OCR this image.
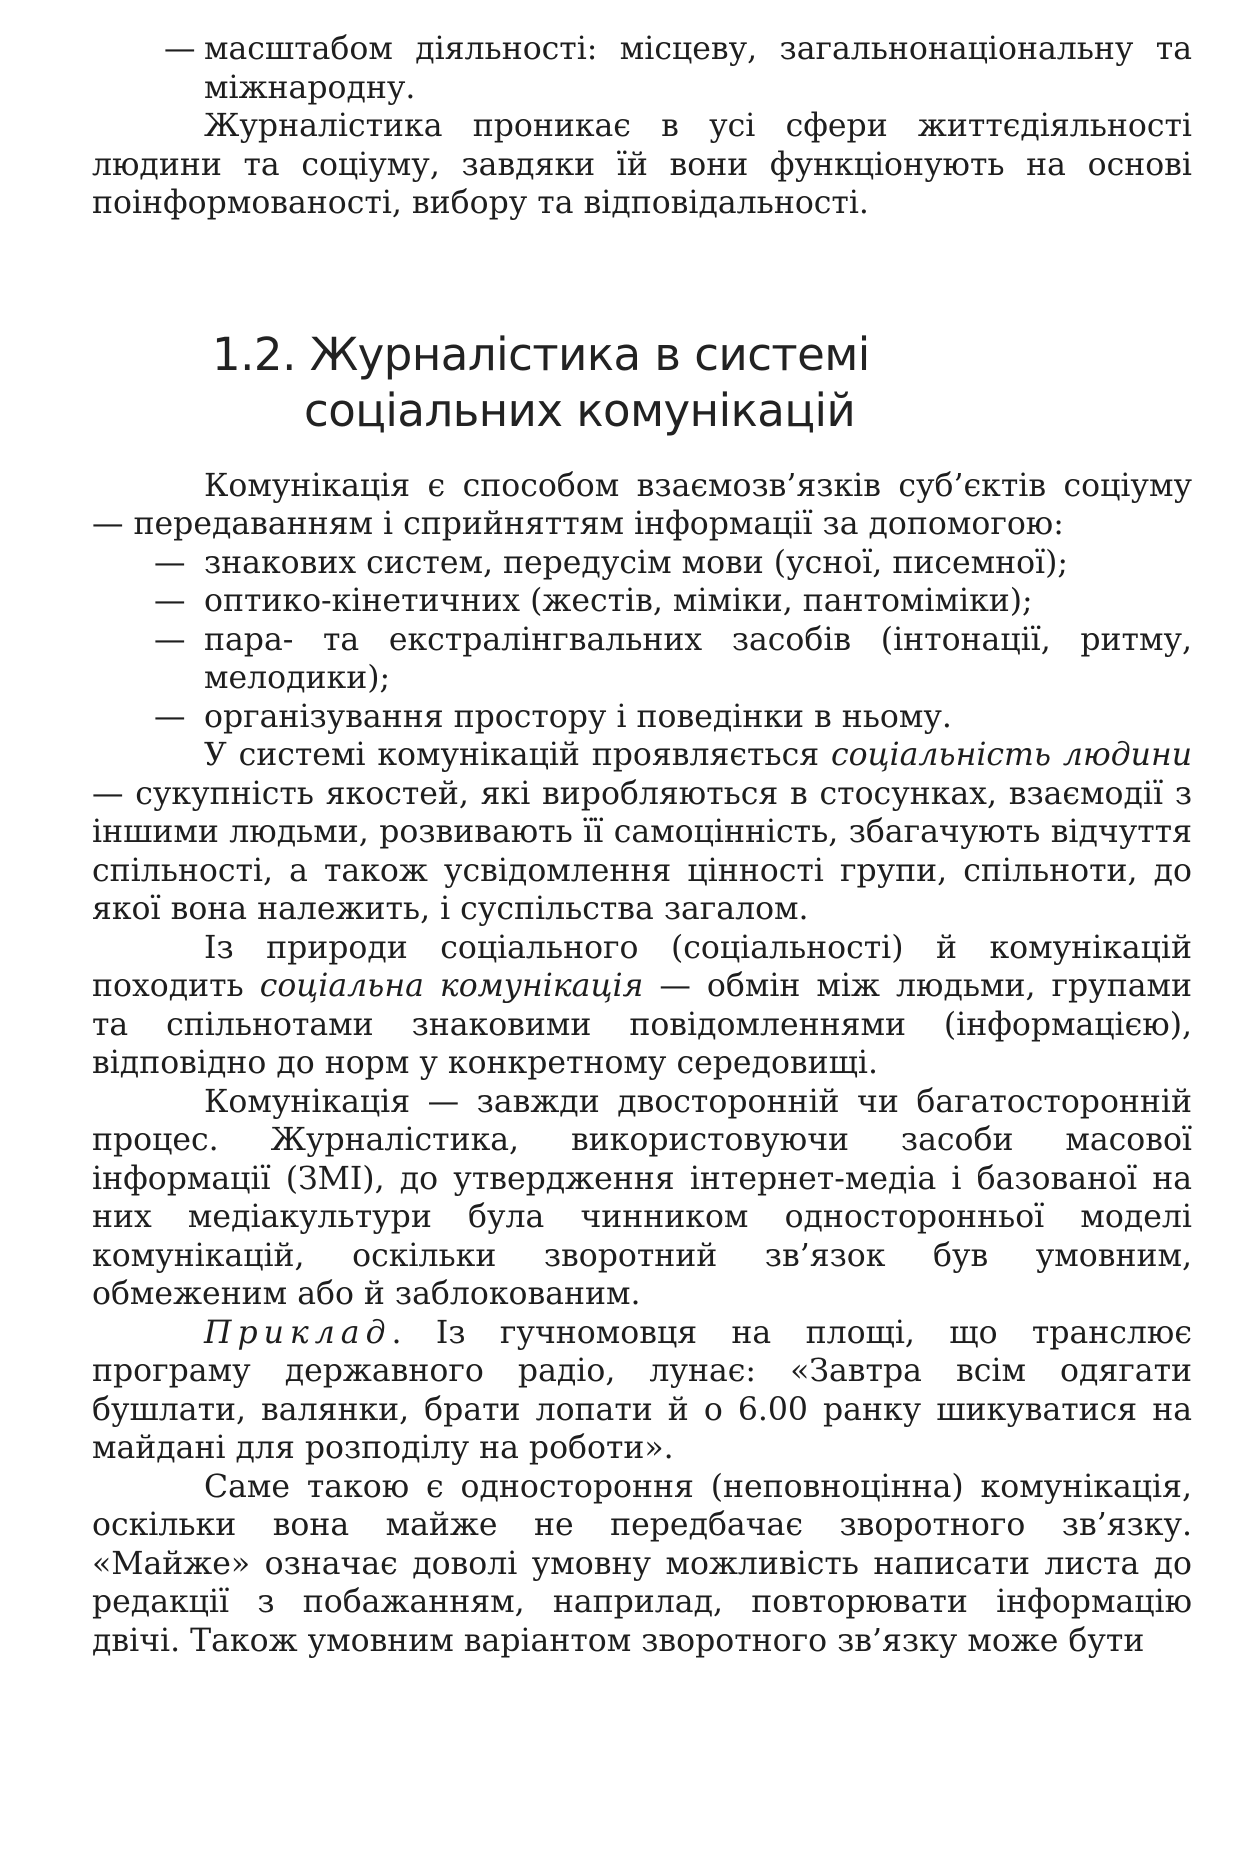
— масштабом діяльності: місцеву, загальнонаціональну та міжнародну.

Журналістика проникає в усі сфери життєдіяльності людини та соціуму, завдяки їй вони функціонують на основі поінформованості, вибору та відповідальності.

1.2. Журналістика в системі
соціальних комунікацій

Комунікація є способом взаємозв’язків суб’єктів соціуму — передаванням і сприйняттям інформації за допомогою:

— знакових систем, передусім мови (усної, писемної);

— оптико-кінетичних (жестів, міміки, пантоміміки);

— пара- та екстралінгвальних засобів (інтонації, ритму, мелодики);

— організування простору і поведінки в ньому.

У системі комунікацій проявляється соціальність людини — сукупність якостей, які виробляються в стосунках, взаємодії з іншими людьми, розвивають її самоцінність, збагачують відчуття спільності, а також усвідомлення цінності групи, спільноти, до якої вона належить, і суспільства загалом.

Із природи соціального (соціальності) й комунікацій походить соціальна комунікація — обмін між людьми, групами та спільнотами знаковими повідомленнями (інформацією), відповідно до норм у конкретному середовищі.

Комунікація — завжди двосторонній чи багатосторонній процес. Журналістика, використовуючи засоби масової інформації (ЗМІ), до утвердження інтернет-медіа і базованої на них медіакультури була чинником односторонньої моделі комунікацій, оскільки зворотний зв’язок був умовним, обмеженим або й заблокованим.

Приклад. Із гучномовця на площі, що транслює програму державного радіо, лунає: «Завтра всім одягати бушлати, валянки, брати лопати й о 6.00 ранку шикуватися на майдані для розподілу на роботи».

Саме такою є одностороння (неповноцінна) комунікація, оскільки вона майже не передбачає зворотного зв’язку. «Майже» означає доволі умовну можливість написати листа до редакції з побажанням, наприлад, повторювати інформацію двічі. Також умовним варіантом зворотного зв’язку може бути
